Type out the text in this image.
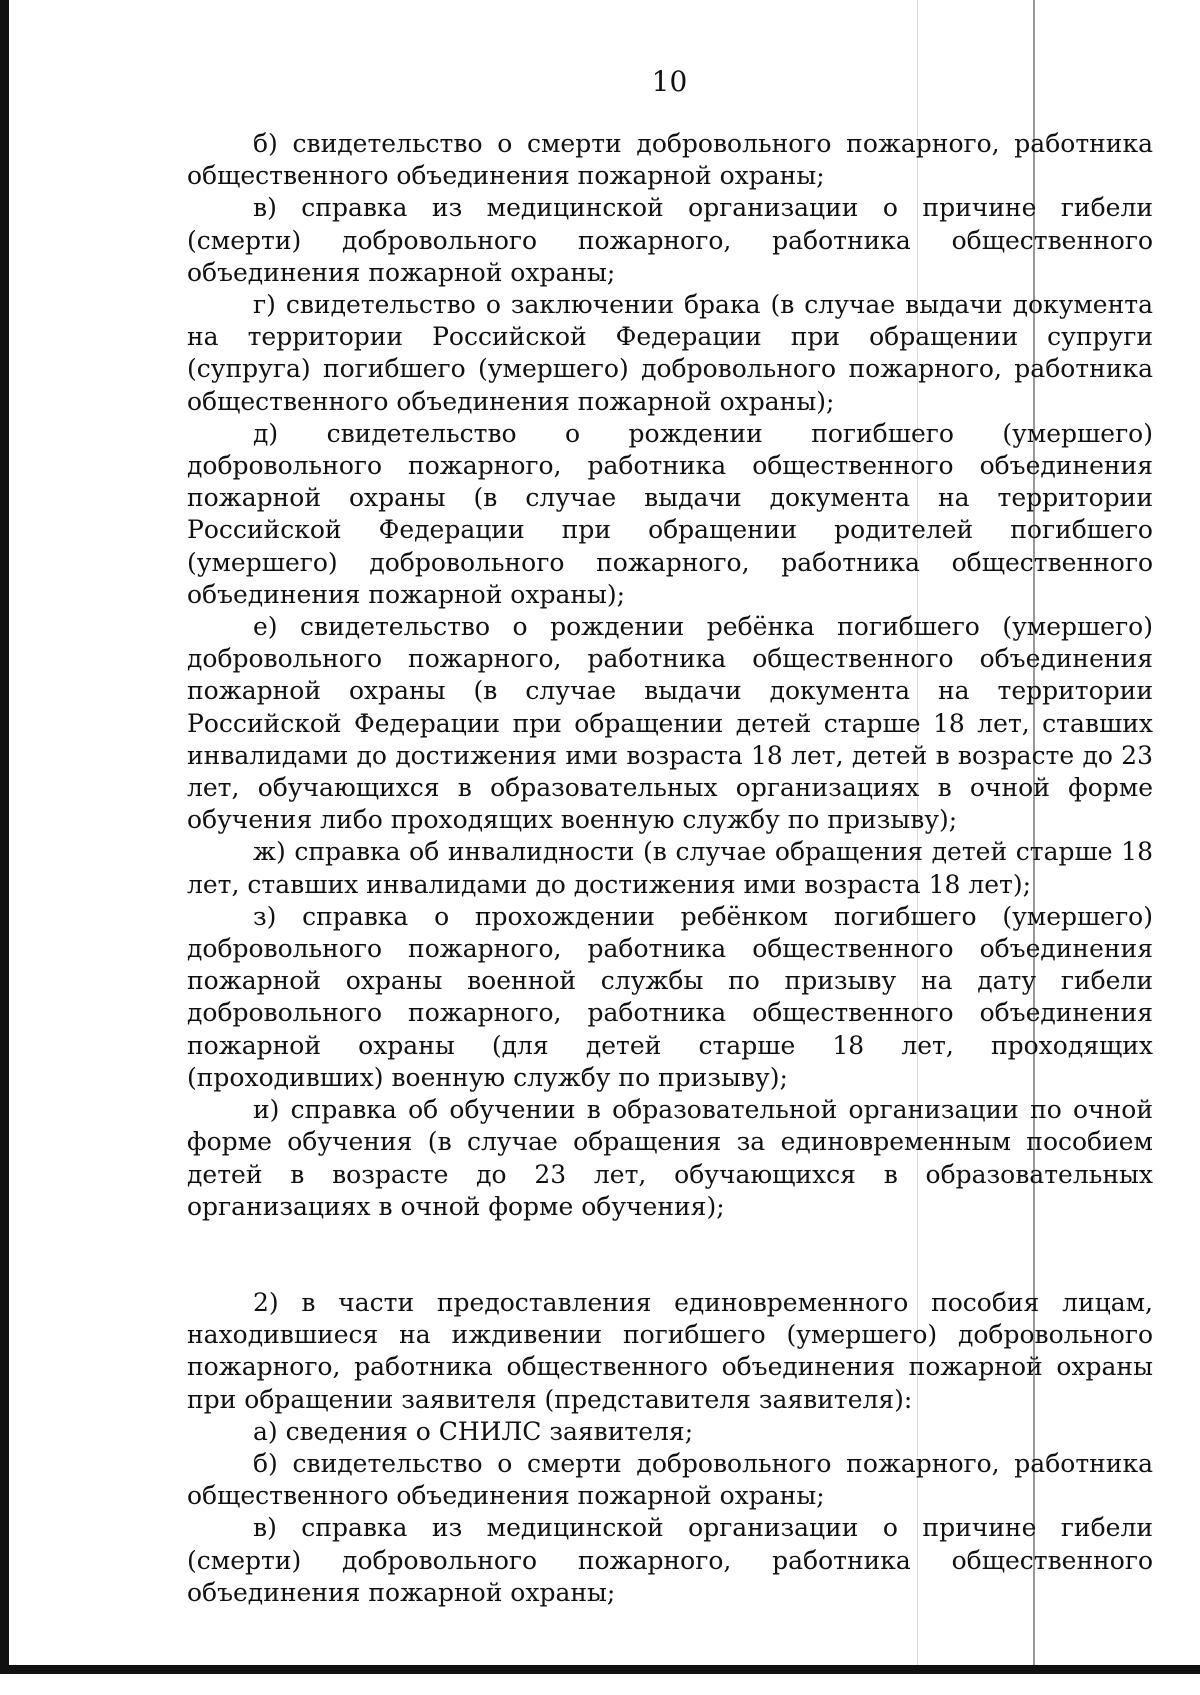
10

б) свидетельство о смерти добровольного пожарного, работника общественного объединения пожарной охраны;

в) справка из медицинской организации о причине гибели (смерти) добровольного пожарного, работника общественного объединения пожарной охраны;

г) свидетельство о заключении брака (в случае выдачи документа на территории Российской Федерации при обращении супруги (супруга) погибшего (умершего) добровольного пожарного, работника общественного объединения пожарной охраны);

д) свидетельство о рождении погибшего (умершего) добровольного пожарного, работника общественного объединения пожарной охраны (в случае выдачи документа на территории Российской Федерации при обращении родителей погибшего (умершего) добровольного пожарного, работника общественного объединения пожарной охраны);

е) свидетельство о рождении ребёнка погибшего (умершего) добровольного пожарного, работника общественного объединения пожарной охраны (в случае выдачи документа на территории Российской Федерации при обращении детей старше 18 лет, ставших инвалидами до достижения ими возраста 18 лет, детей в возрасте до 23 лет, обучающихся в образовательных организациях в очной форме обучения либо проходящих военную службу по призыву);

ж) справка об инвалидности (в случае обращения детей старше 18 лет, ставших инвалидами до достижения ими возраста 18 лет);

з) справка о прохождении ребёнком погибшего (умершего) добровольного пожарного, работника общественного объединения пожарной охраны военной службы по призыву на дату гибели добровольного пожарного, работника общественного объединения пожарной охраны (для детей старше 18 лет, проходящих (проходивших) военную службу по призыву);

и) справка об обучении в образовательной организации по очной форме обучения (в случае обращения за единовременным пособием детей в возрасте до 23 лет, обучающихся в образовательных организациях в очной форме обучения);

2) в части предоставления единовременного пособия лицам, находившиеся на иждивении погибшего (умершего) добровольного пожарного, работника общественного объединения пожарной охраны при обращении заявителя (представителя заявителя):

а) сведения о СНИЛС заявителя;

б) свидетельство о смерти добровольного пожарного, работника общественного объединения пожарной охраны;

в) справка из медицинской организации о причине гибели (смерти) добровольного пожарного, работника общественного объединения пожарной охраны;
